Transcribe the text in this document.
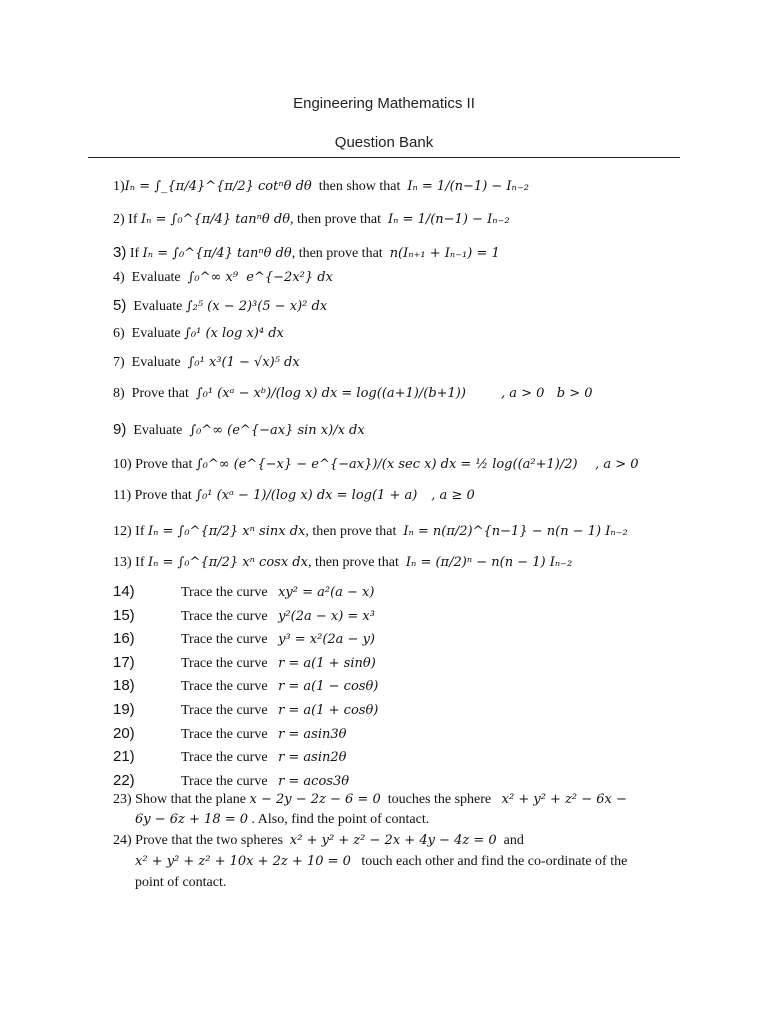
Engineering Mathematics II
Question Bank
1)Iₙ = ∫_{π/4}^{π/2} cotⁿθ dθ  then show that  Iₙ = 1/(n−1) − Iₙ₋₂
2) If Iₙ = ∫₀^{π/4} tanⁿθ dθ, then prove that  Iₙ = 1/(n−1) − Iₙ₋₂
3) If Iₙ = ∫₀^{π/4} tanⁿθ dθ, then prove that  n(Iₙ₊₁ + Iₙ₋₁) = 1
4)  Evaluate  ∫₀^∞ x⁹  e^{−2x²} dx
5)  Evaluate ∫₂⁵ (x − 2)³(5 − x)² dx
6)  Evaluate ∫₀¹ (x log x)⁴ dx
7)  Evaluate  ∫₀¹ x³(1 − √x)⁵ dx
8)  Prove that  ∫₀¹ (xᵃ − xᵇ)/(log x) dx = log((a+1)/(b+1))	, a > 0   b > 0
9)  Evaluate  ∫₀^∞ (e^{−ax} sin x)/x dx
10) Prove that ∫₀^∞ (e^{−x} − e^{−ax})/(x sec x) dx = ½ log((a²+1)/2) , a > 0
11) Prove that ∫₀¹ (xᵃ − 1)/(log x) dx = log(1 + a) , a ≥ 0
12) If Iₙ = ∫₀^{π/2} xⁿ sinx dx, then prove that  Iₙ = n(π/2)^{n−1} − n(n − 1) Iₙ₋₂
13) If Iₙ = ∫₀^{π/2} xⁿ cosx dx, then prove that  Iₙ = (π/2)ⁿ − n(n − 1) Iₙ₋₂
14)	Trace the curve xy² = a²(a − x)
15)	Trace the curve y²(2a − x) = x³
16)	Trace the curve y³ = x²(2a − y)
17)	Trace the curve r = a(1 + sinθ)
18)	Trace the curve r = a(1 − cosθ)
19)	Trace the curve r = a(1 + cosθ)
20)	Trace the curve r = asin3θ
21)	Trace the curve r = asin2θ
22)	Trace the curve r = acos3θ
23) Show that the plane x − 2y − 2z − 6 = 0  touches the sphere   x² + y² + z² − 6x −
6y − 6z + 18 = 0 . Also, find the point of contact.
24) Prove that the two spheres  x² + y² + z² − 2x + 4y − 4z = 0  and
x² + y² + z² + 10x + 2z + 10 = 0   touch each other and find the co-ordinate of the
point of contact.
